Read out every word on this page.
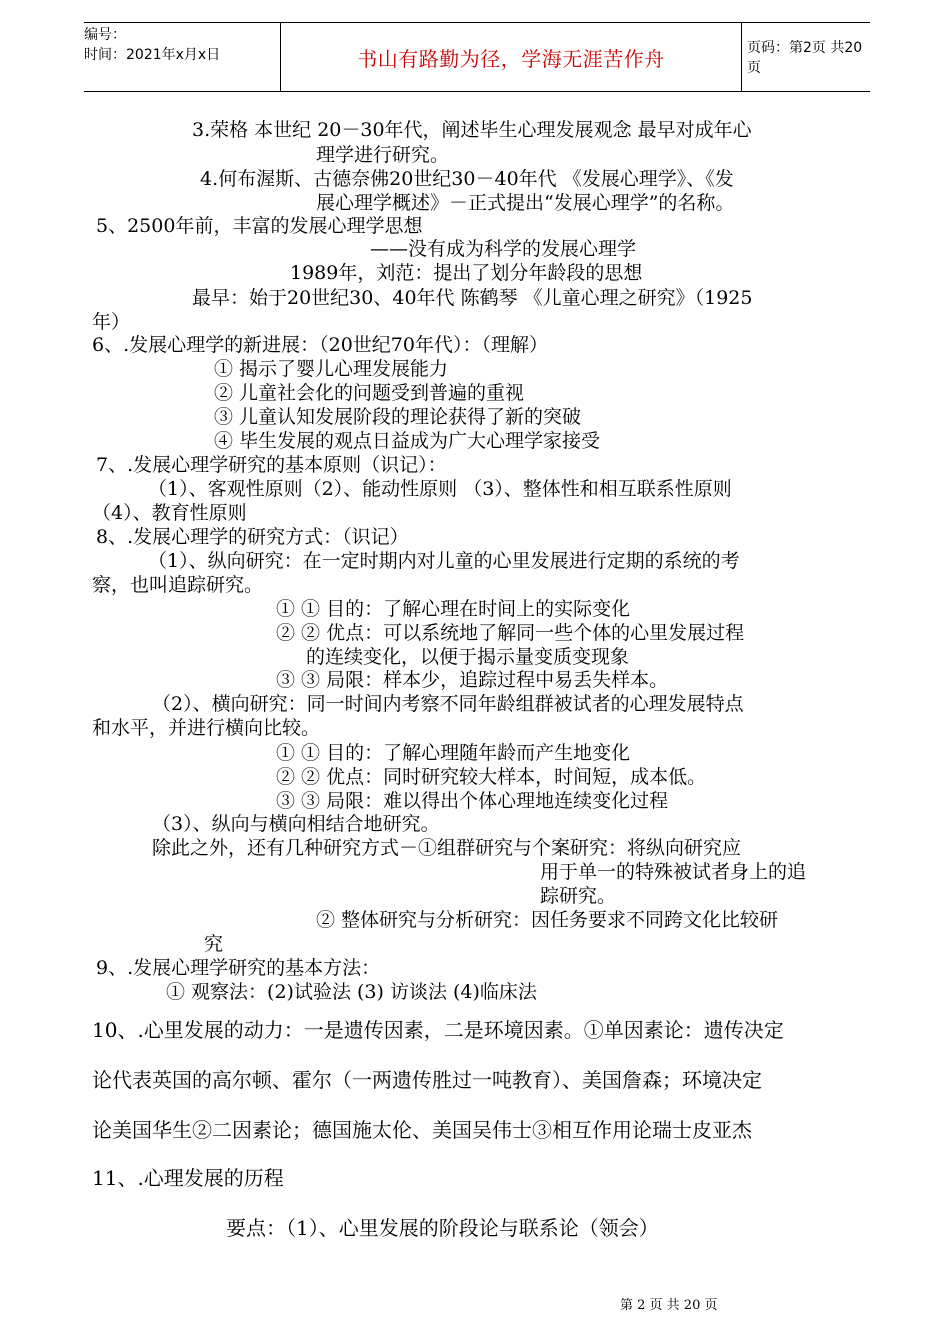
编号：
时间：2021年x月x日	书山有路勤为径，学海无涯苦作舟	页码：第2页 共20页
3.荣格 本世纪 20－30年代，阐述毕生心理发展观念 最早对成年心
理学进行研究。
4.何布渥斯、古德奈佛20世纪30－40年代 《发展心理学》、《发
展心理学概述》－正式提出“发展心理学”的名称。
5、2500年前，丰富的发展心理学思想
——没有成为科学的发展心理学
1989年，刘范：提出了划分年龄段的思想
最早：始于20世纪30、40年代 陈鹤琴 《儿童心理之研究》（1925
年）
6、.发展心理学的新进展：（20世纪70年代）：（理解）
① 揭示了婴儿心理发展能力
② 儿童社会化的问题受到普遍的重视
③ 儿童认知发展阶段的理论获得了新的突破
④ 毕生发展的观点日益成为广大心理学家接受
7、.发展心理学研究的基本原则（识记）：
（1）、客观性原则（2）、能动性原则 （3）、整体性和相互联系性原则
（4）、教育性原则
8、.发展心理学的研究方式：（识记）
（1）、纵向研究：在一定时期内对儿童的心里发展进行定期的系统的考
察，也叫追踪研究。
① ① 目的：了解心理在时间上的实际变化
② ② 优点：可以系统地了解同一些个体的心里发展过程
的连续变化，以便于揭示量变质变现象
③ ③ 局限：样本少，追踪过程中易丢失样本。
（2）、横向研究：同一时间内考察不同年龄组群被试者的心理发展特点
和水平，并进行横向比较。
① ① 目的：了解心理随年龄而产生地变化
② ② 优点：同时研究较大样本，时间短，成本低。
③ ③ 局限：难以得出个体心理地连续变化过程
（3）、纵向与横向相结合地研究。
除此之外，还有几种研究方式－①组群研究与个案研究：将纵向研究应
用于单一的特殊被试者身上的追
踪研究。
② 整体研究与分析研究：因任务要求不同跨文化比较研
究
9、.发展心理学研究的基本方法：
① 观察法：(2)试验法 (3) 访谈法 (4)临床法
10、.心里发展的动力：一是遗传因素，二是环境因素。①单因素论：遗传决定
论代表英国的高尔顿、霍尔（一两遗传胜过一吨教育）、美国詹森；环境决定
论美国华生②二因素论；德国施太伦、美国吴伟士③相互作用论瑞士皮亚杰
11、.心理发展的历程
要点：（1）、心里发展的阶段论与联系论（领会）
第 2 页 共 20 页
